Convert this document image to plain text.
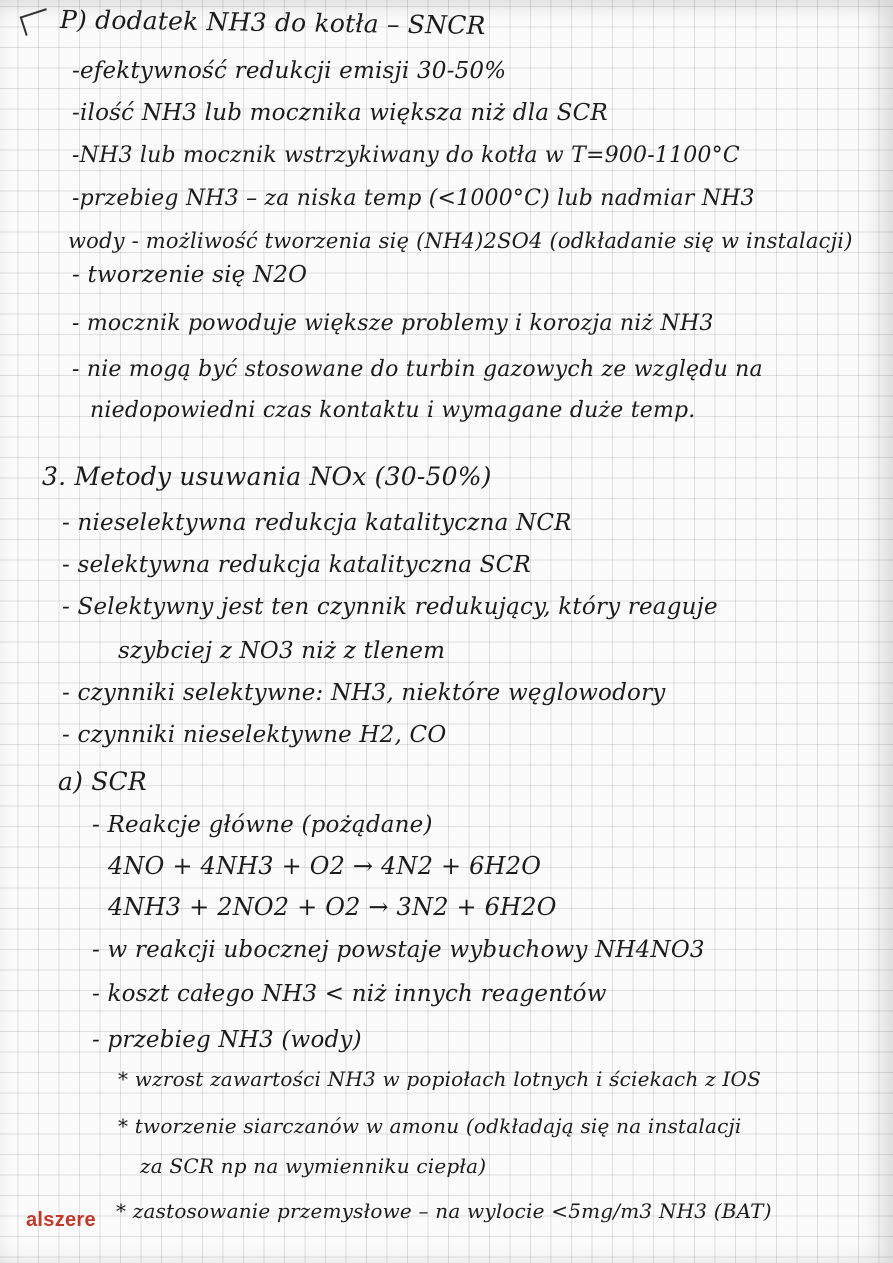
P) dodatek NH3 do kotła – SNCR

-efektywność redukcji emisji 30-50%

-ilość NH3 lub mocznika większa niż dla SCR

-NH3 lub mocznik wstrzykiwany do kotła w T=900-1100°C

-przebieg NH3 – za niska temp (<1000°C) lub nadmiar NH3

wody - możliwość tworzenia się (NH4)2SO4 (odkładanie się w instalacji)

- tworzenie się N2O

- mocznik powoduje większe problemy i korozja niż NH3

- nie mogą być stosowane do turbin gazowych ze względu na

niedopowiedni czas kontaktu i wymagane duże temp.

3. Metody usuwania NOx (30-50%)

- nieselektywna redukcja katalityczna NCR

- selektywna redukcja katalityczna SCR

- Selektywny jest ten czynnik redukujący, który reaguje

szybciej z NO3 niż z tlenem

- czynniki selektywne: NH3, niektóre węglowodory

- czynniki nieselektywne H2, CO

a) SCR

- Reakcje główne (pożądane)

4NO + 4NH3 + O2 → 4N2 + 6H2O

4NH3 + 2NO2 + O2 → 3N2 + 6H2O

- w reakcji ubocznej powstaje wybuchowy NH4NO3

- koszt całego NH3 < niż innych reagentów

- przebieg NH3 (wody)

* wzrost zawartości NH3 w popiołach lotnych i ściekach z IOS

* tworzenie siarczanów w amonu (odkładają się na instalacji

za SCR np na wymienniku ciepła)

* zastosowanie przemysłowe – na wylocie <5mg/m3 NH3 (BAT)

alszere
